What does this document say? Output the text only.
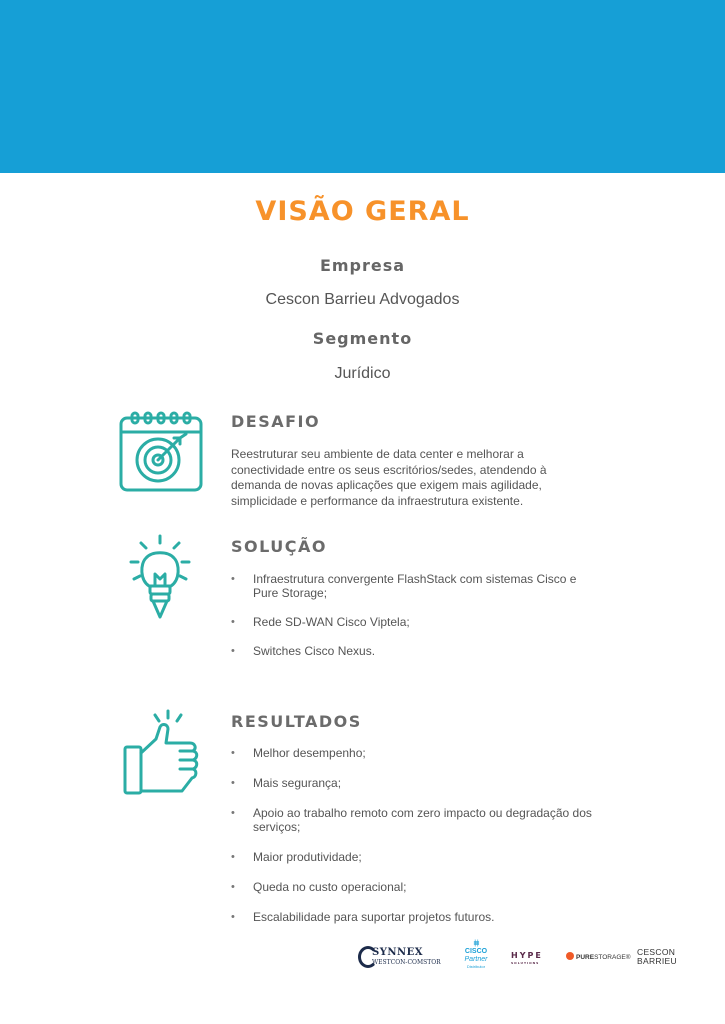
VISÃO GERAL
Empresa
Cescon Barrieu Advogados
Segmento
Jurídico
DESAFIO

Reestruturar seu ambiente de data center e melhorar a conectividade entre os seus escritórios/sedes, atendendo à demanda de novas aplicações que exigem mais agilidade, simplicidade e performance da infraestrutura existente.

SOLUÇÃO
• Infraestrutura convergente FlashStack com sistemas Cisco e Pure Storage;
• Rede SD-WAN Cisco Viptela;
• Switches Cisco Nexus.
RESULTADOS
• Melhor desempenho;
• Mais segurança;
• Apoio ao trabalho remoto com zero impacto ou degradação dos serviços;
• Maior produtividade;
• Queda no custo operacional;
• Escalabilidade para suportar projetos futuros.
SYNNEX
WESTCON-COMSTOR
ı|ıı|ı
CISCO
Partner
Distributor
HYPE
SOLUTIONS
PURESTORAGE®
CESCON
BARRIEU
